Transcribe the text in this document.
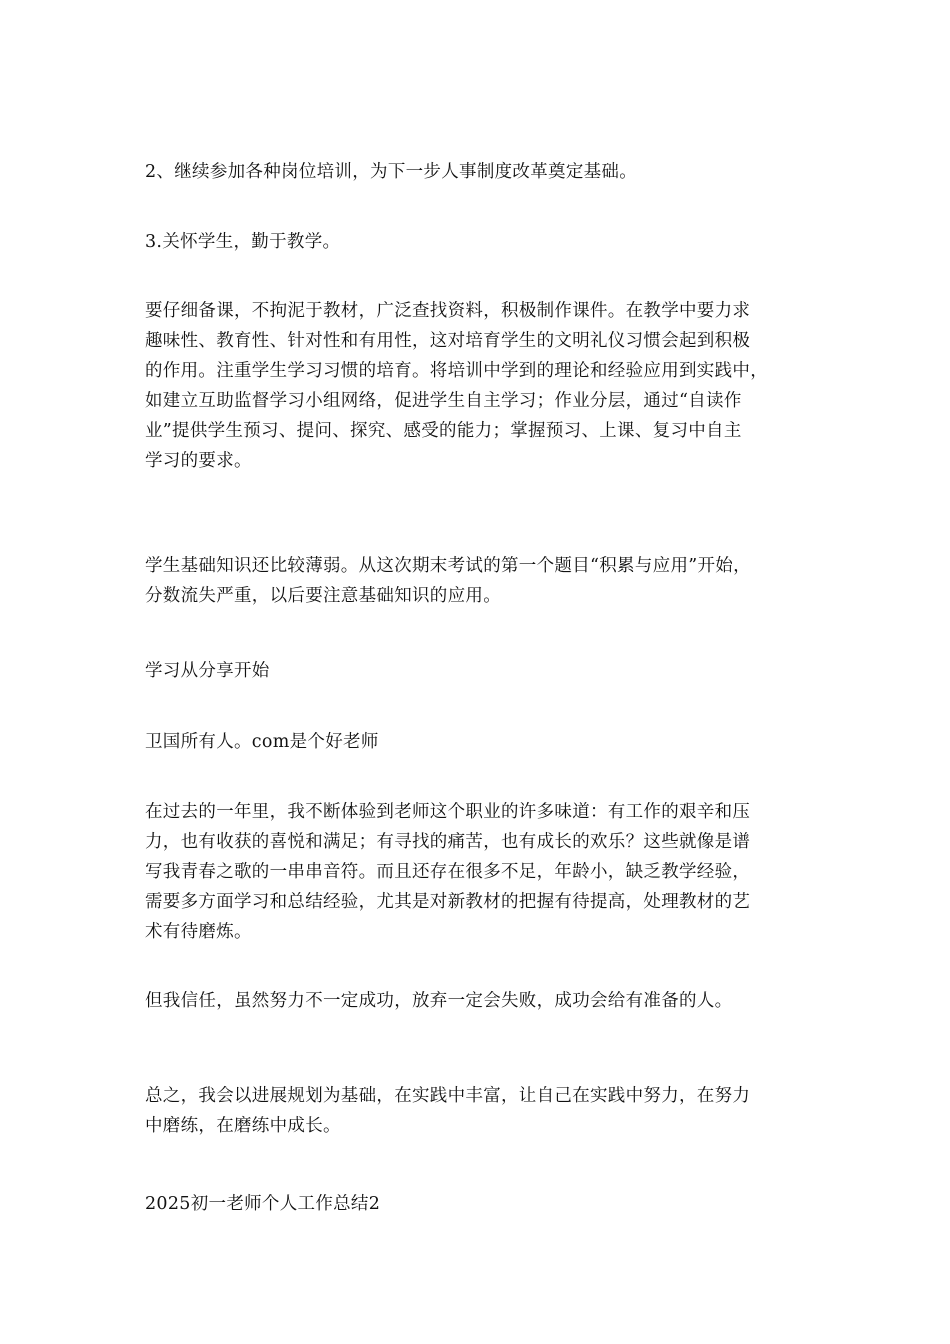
2、继续参加各种岗位培训，为下一步人事制度改革奠定基础。

3.关怀学生，勤于教学。

要仔细备课，不拘泥于教材，广泛查找资料，积极制作课件。在教学中要力求
趣味性、教育性、针对性和有用性，这对培育学生的文明礼仪习惯会起到积极
的作用。注重学生学习习惯的培育。将培训中学到的理论和经验应用到实践中，
如建立互助监督学习小组网络，促进学生自主学习；作业分层，通过“自读作
业”提供学生预习、提问、探究、感受的能力；掌握预习、上课、复习中自主
学习的要求。

学生基础知识还比较薄弱。从这次期末考试的第一个题目“积累与应用”开始，
分数流失严重，以后要注意基础知识的应用。

学习从分享开始

卫国所有人。com是个好老师

在过去的一年里，我不断体验到老师这个职业的许多味道：有工作的艰辛和压
力，也有收获的喜悦和满足；有寻找的痛苦，也有成长的欢乐？这些就像是谱
写我青春之歌的一串串音符。而且还存在很多不足，年龄小，缺乏教学经验，
需要多方面学习和总结经验，尤其是对新教材的把握有待提高，处理教材的艺
术有待磨炼。

但我信任，虽然努力不一定成功，放弃一定会失败，成功会给有准备的人。

总之，我会以进展规划为基础，在实践中丰富，让自己在实践中努力，在努力
中磨练，在磨练中成长。

2025初一老师个人工作总结2
